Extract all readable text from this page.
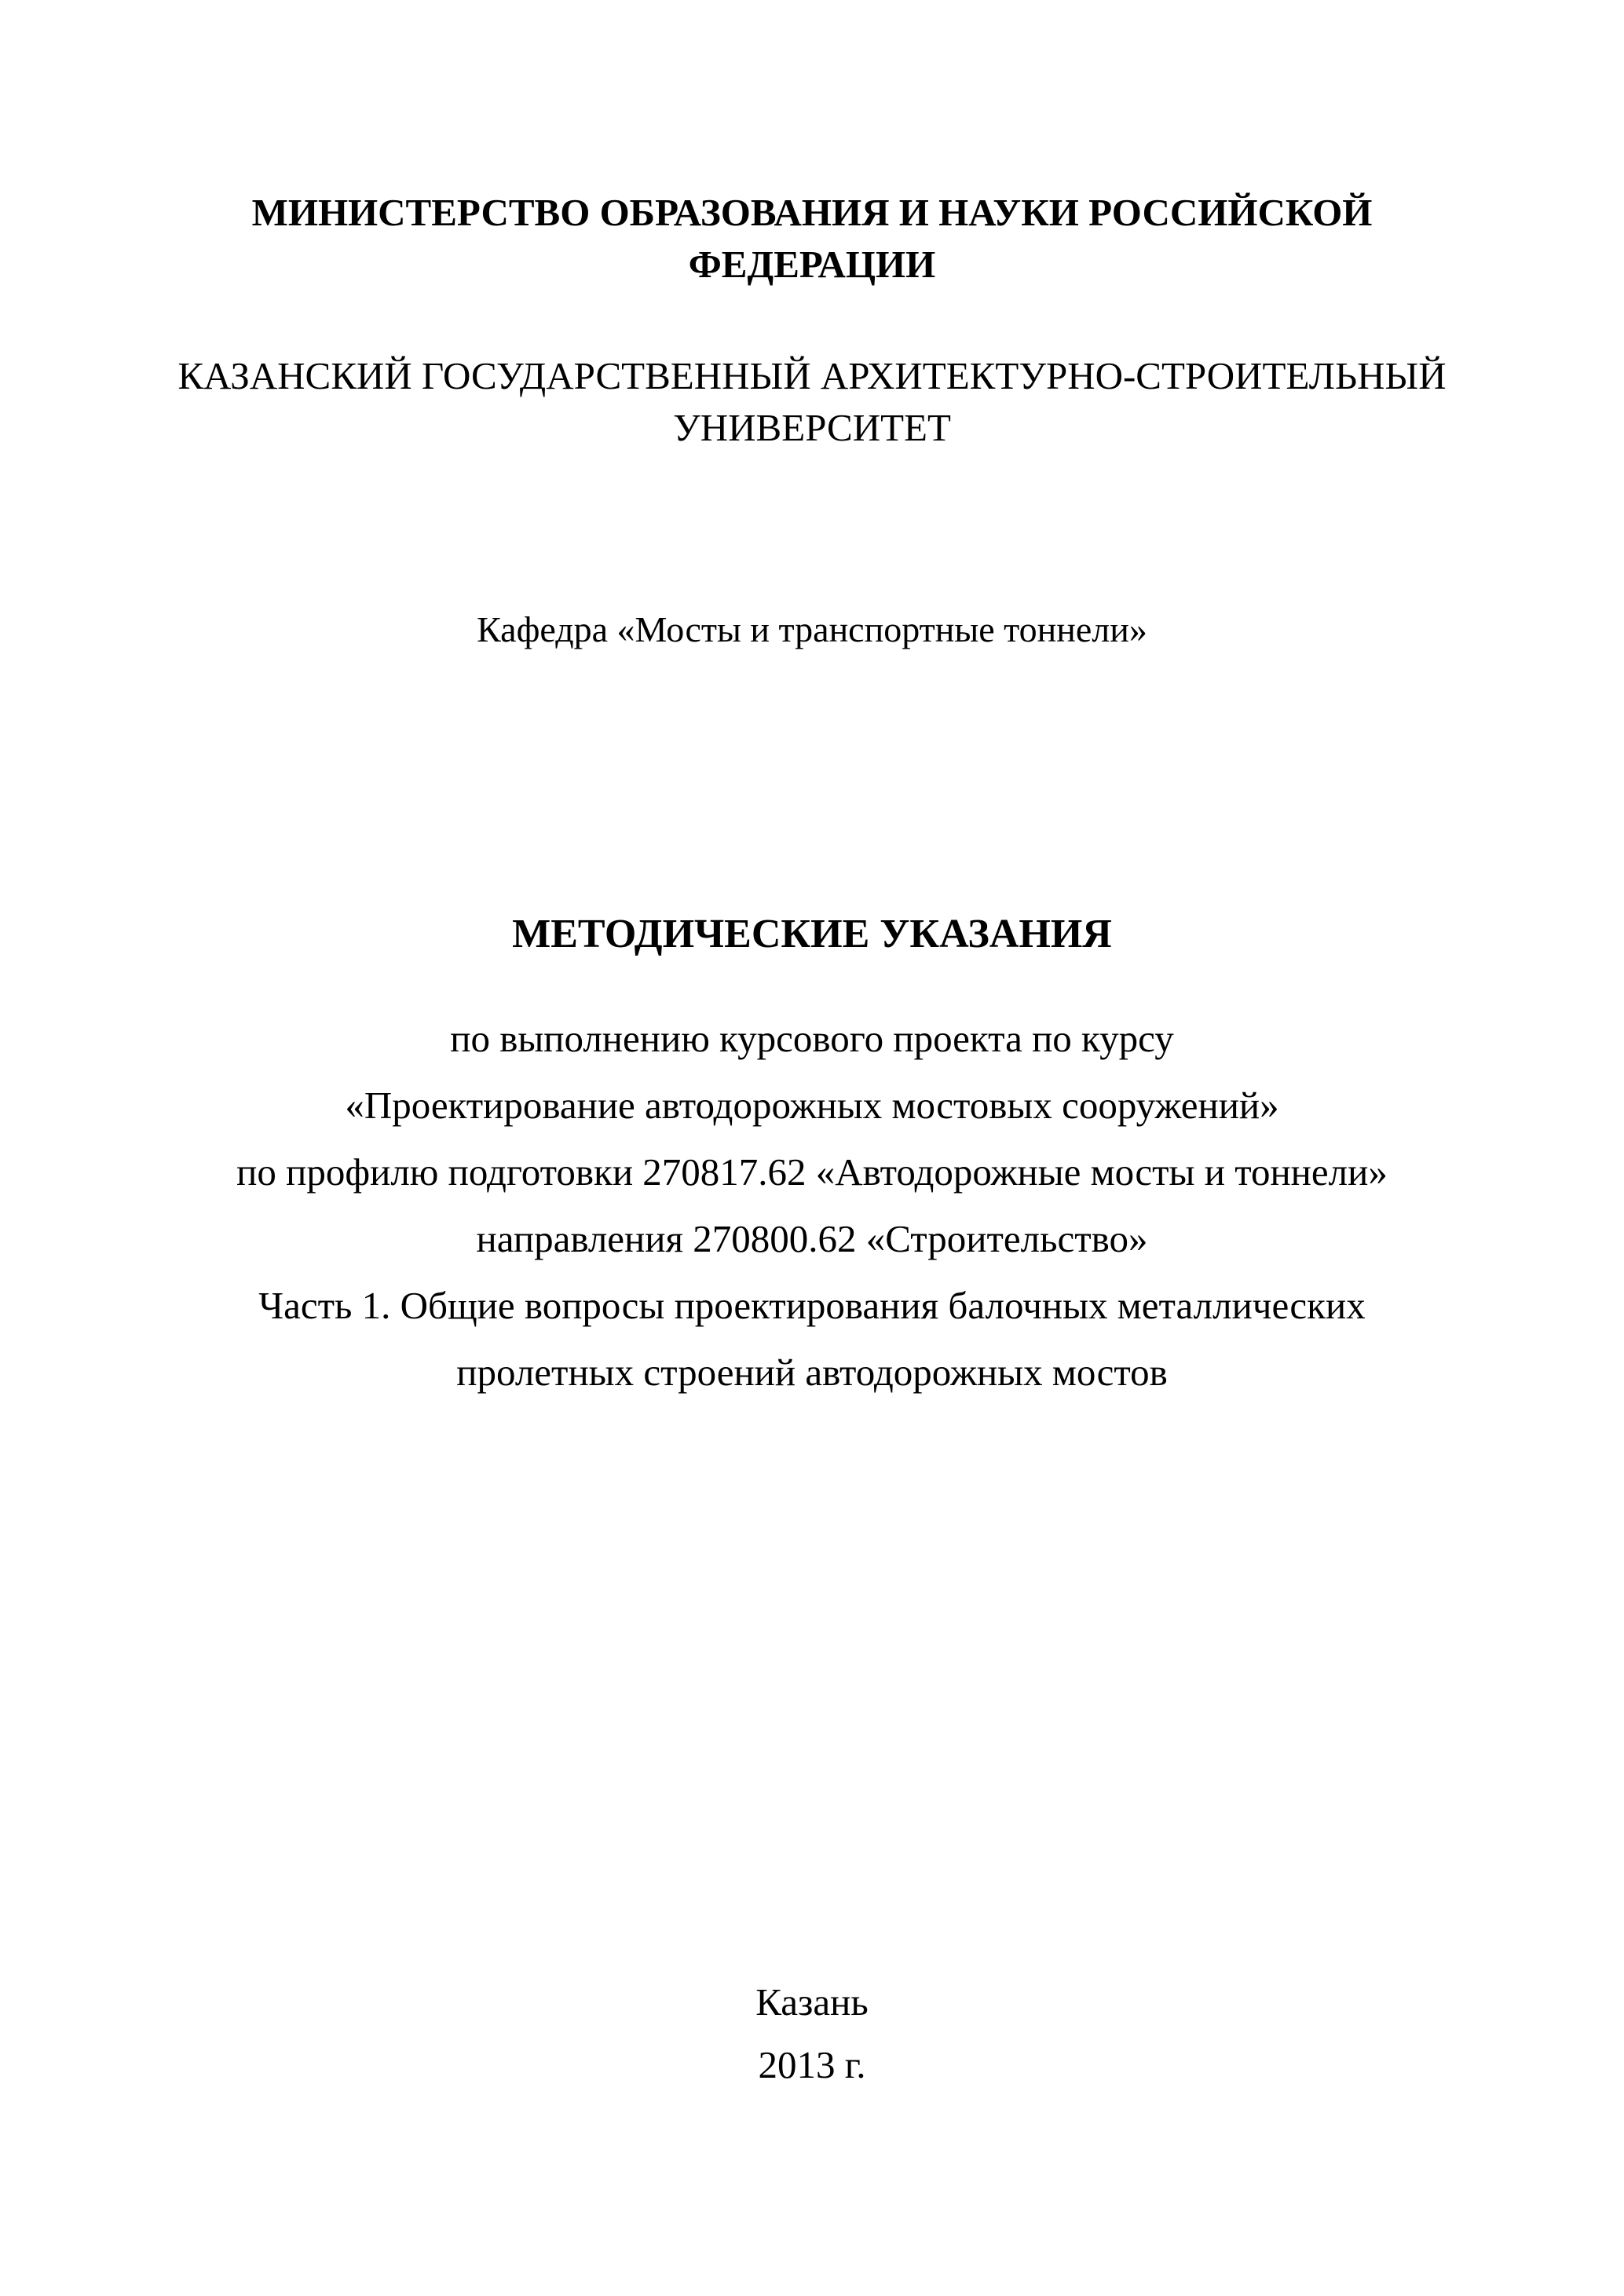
МИНИСТЕРСТВО ОБРАЗОВАНИЯ И НАУКИ РОССИЙСКОЙ
ФЕДЕРАЦИИ
КАЗАНСКИЙ ГОСУДАРСТВЕННЫЙ АРХИТЕКТУРНО-СТРОИТЕЛЬНЫЙ
УНИВЕРСИТЕТ
Кафедра «Мосты и транспортные тоннели»
МЕТОДИЧЕСКИЕ УКАЗАНИЯ
по выполнению курсового проекта по курсу
«Проектирование автодорожных мостовых сооружений»
по профилю подготовки 270817.62 «Автодорожные мосты и тоннели»
направления 270800.62 «Строительство»
Часть 1. Общие вопросы проектирования балочных металлических
пролетных строений автодорожных мостов
Казань
2013 г.
